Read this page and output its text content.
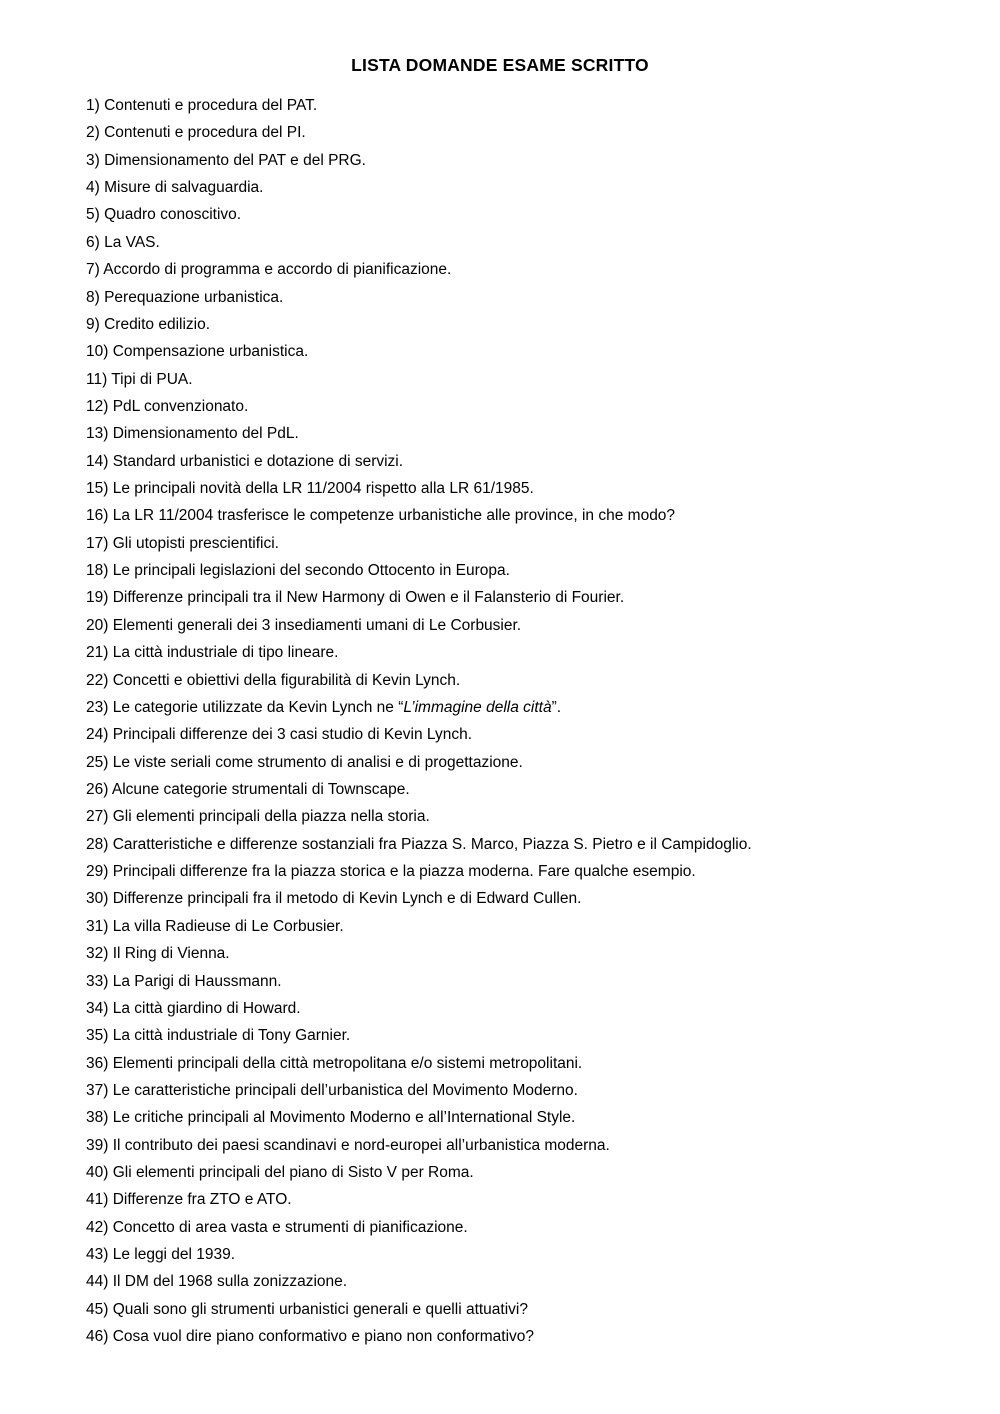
LISTA DOMANDE ESAME SCRITTO
1) Contenuti e procedura del PAT.
2) Contenuti e procedura del PI.
3) Dimensionamento del PAT e del PRG.
4) Misure di salvaguardia.
5) Quadro conoscitivo.
6) La VAS.
7) Accordo di programma e accordo di pianificazione.
8) Perequazione urbanistica.
9) Credito edilizio.
10) Compensazione urbanistica.
11) Tipi di PUA.
12) PdL convenzionato.
13) Dimensionamento del PdL.
14) Standard urbanistici e dotazione di servizi.
15) Le principali novità della LR 11/2004 rispetto alla LR 61/1985.
16) La LR 11/2004 trasferisce le competenze urbanistiche alle province, in che modo?
17) Gli utopisti prescientifici.
18) Le principali legislazioni del secondo Ottocento in Europa.
19) Differenze principali tra il New Harmony di Owen e il Falansterio di Fourier.
20) Elementi generali dei 3 insediamenti umani di Le Corbusier.
21) La città industriale di tipo lineare.
22) Concetti e obiettivi della figurabilità di Kevin Lynch.
23) Le categorie utilizzate da Kevin Lynch ne “L’immagine della città”.
24) Principali differenze dei 3 casi studio di Kevin Lynch.
25) Le viste seriali come strumento di analisi e di progettazione.
26) Alcune categorie strumentali di Townscape.
27) Gli elementi principali della piazza nella storia.
28) Caratteristiche e differenze sostanziali fra Piazza S. Marco, Piazza S. Pietro e il Campidoglio.
29) Principali differenze fra la piazza storica e la piazza moderna. Fare qualche esempio.
30) Differenze principali fra il metodo di Kevin Lynch e di Edward Cullen.
31) La villa Radieuse di Le Corbusier.
32) Il Ring di Vienna.
33) La Parigi di Haussmann.
34) La città giardino di Howard.
35) La città industriale di Tony Garnier.
36) Elementi principali della città metropolitana e/o sistemi metropolitani.
37) Le caratteristiche principali dell’urbanistica del Movimento Moderno.
38) Le critiche principali al Movimento Moderno e all’International Style.
39) Il contributo dei paesi scandinavi e nord-europei all’urbanistica moderna.
40) Gli elementi principali del piano di Sisto V per Roma.
41) Differenze fra ZTO e ATO.
42) Concetto di area vasta e strumenti di pianificazione.
43) Le leggi del 1939.
44) Il DM del 1968 sulla zonizzazione.
45) Quali sono gli strumenti urbanistici generali e quelli attuativi?
46) Cosa vuol dire piano conformativo e piano non conformativo?
